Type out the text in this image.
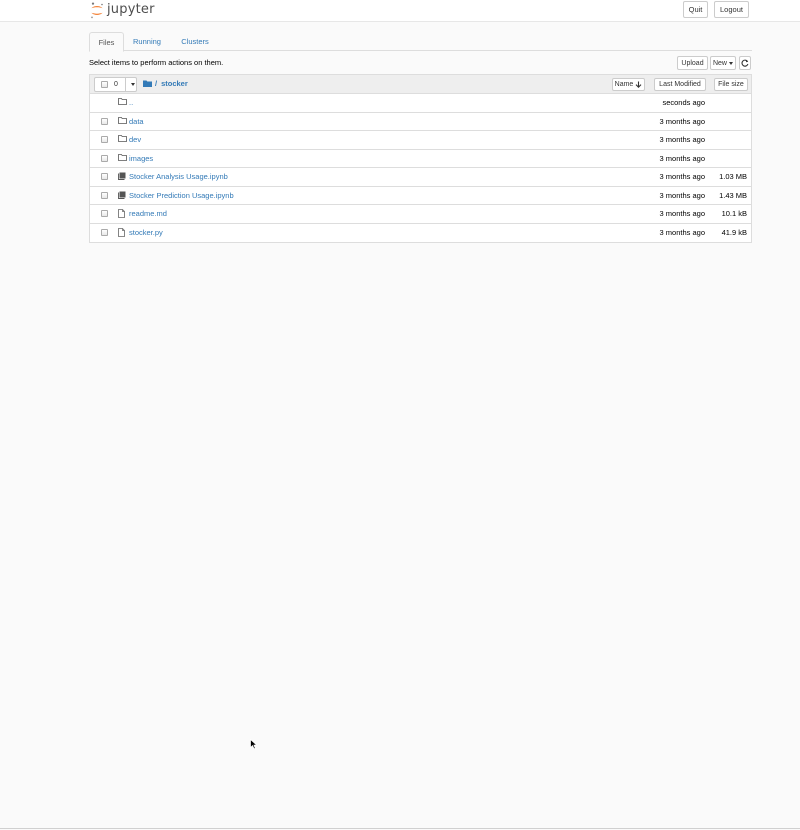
jupyter	Quit	Logout
Files	Running	Clusters
Select items to perform actions on them.	Upload	New
0	/ stocker	Name	Last Modified	File size
..	seconds ago
data	3 months ago
dev	3 months ago
images	3 months ago
Stocker Analysis Usage.ipynb	3 months ago 1.03 MB
Stocker Prediction Usage.ipynb	3 months ago 1.43 MB
readme.md	3 months ago 10.1 kB
stocker.py	3 months ago 41.9 kB
